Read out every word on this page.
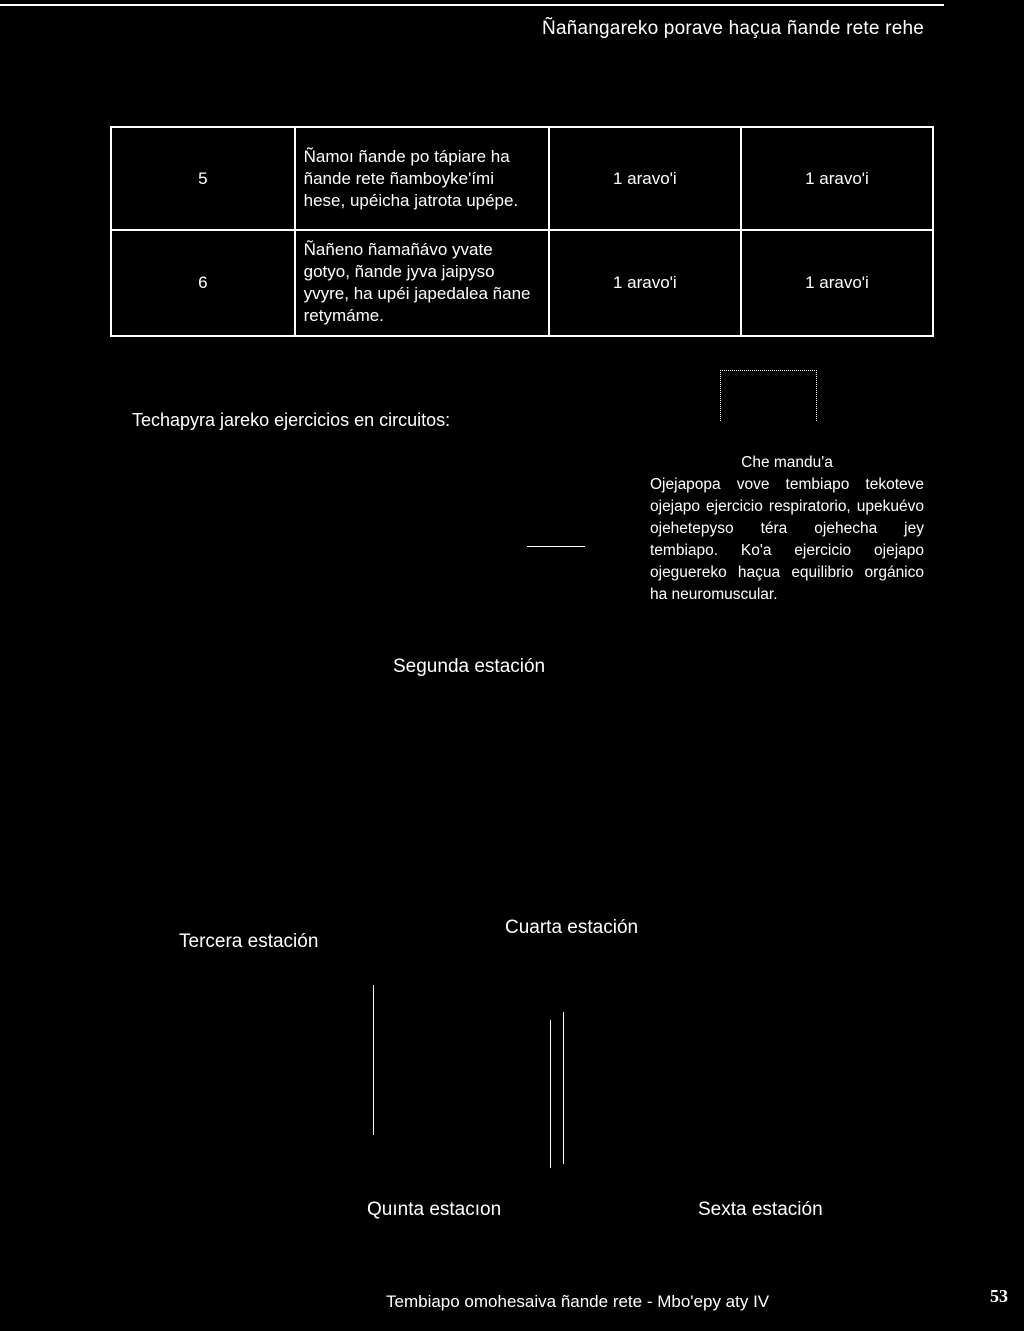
Ñañangareko porave haçua ñande rete rehe
5	Ñamoı ñande po tápiare ha ñande rete ñamboyke'ími hese, upéicha jatrota upépe.	1 aravo'i	1 aravo'i
6	Ñañeno ñamañávo yvate gotyo, ñande jyva jaipyso yvyre, ha upéi japedalea ñane retymáme.	1 aravo'i	1 aravo'i
Techapyra jareko ejercicios en circuitos:
Che mandu'a
Ojejapopa vove tembiapo tekoteve ojejapo ejercicio respiratorio, upekuévo ojehetepyso téra ojehecha jey tembiapo. Ko'a ejercicio ojejapo ojeguereko haçua equilibrio orgánico ha neuromuscular.
Segunda estación
Tercera estación
Cuarta estación
Quınta estacıon	Sexta estación
Tembiapo omohesaiva ñande rete - Mbo'epy aty IV	53
